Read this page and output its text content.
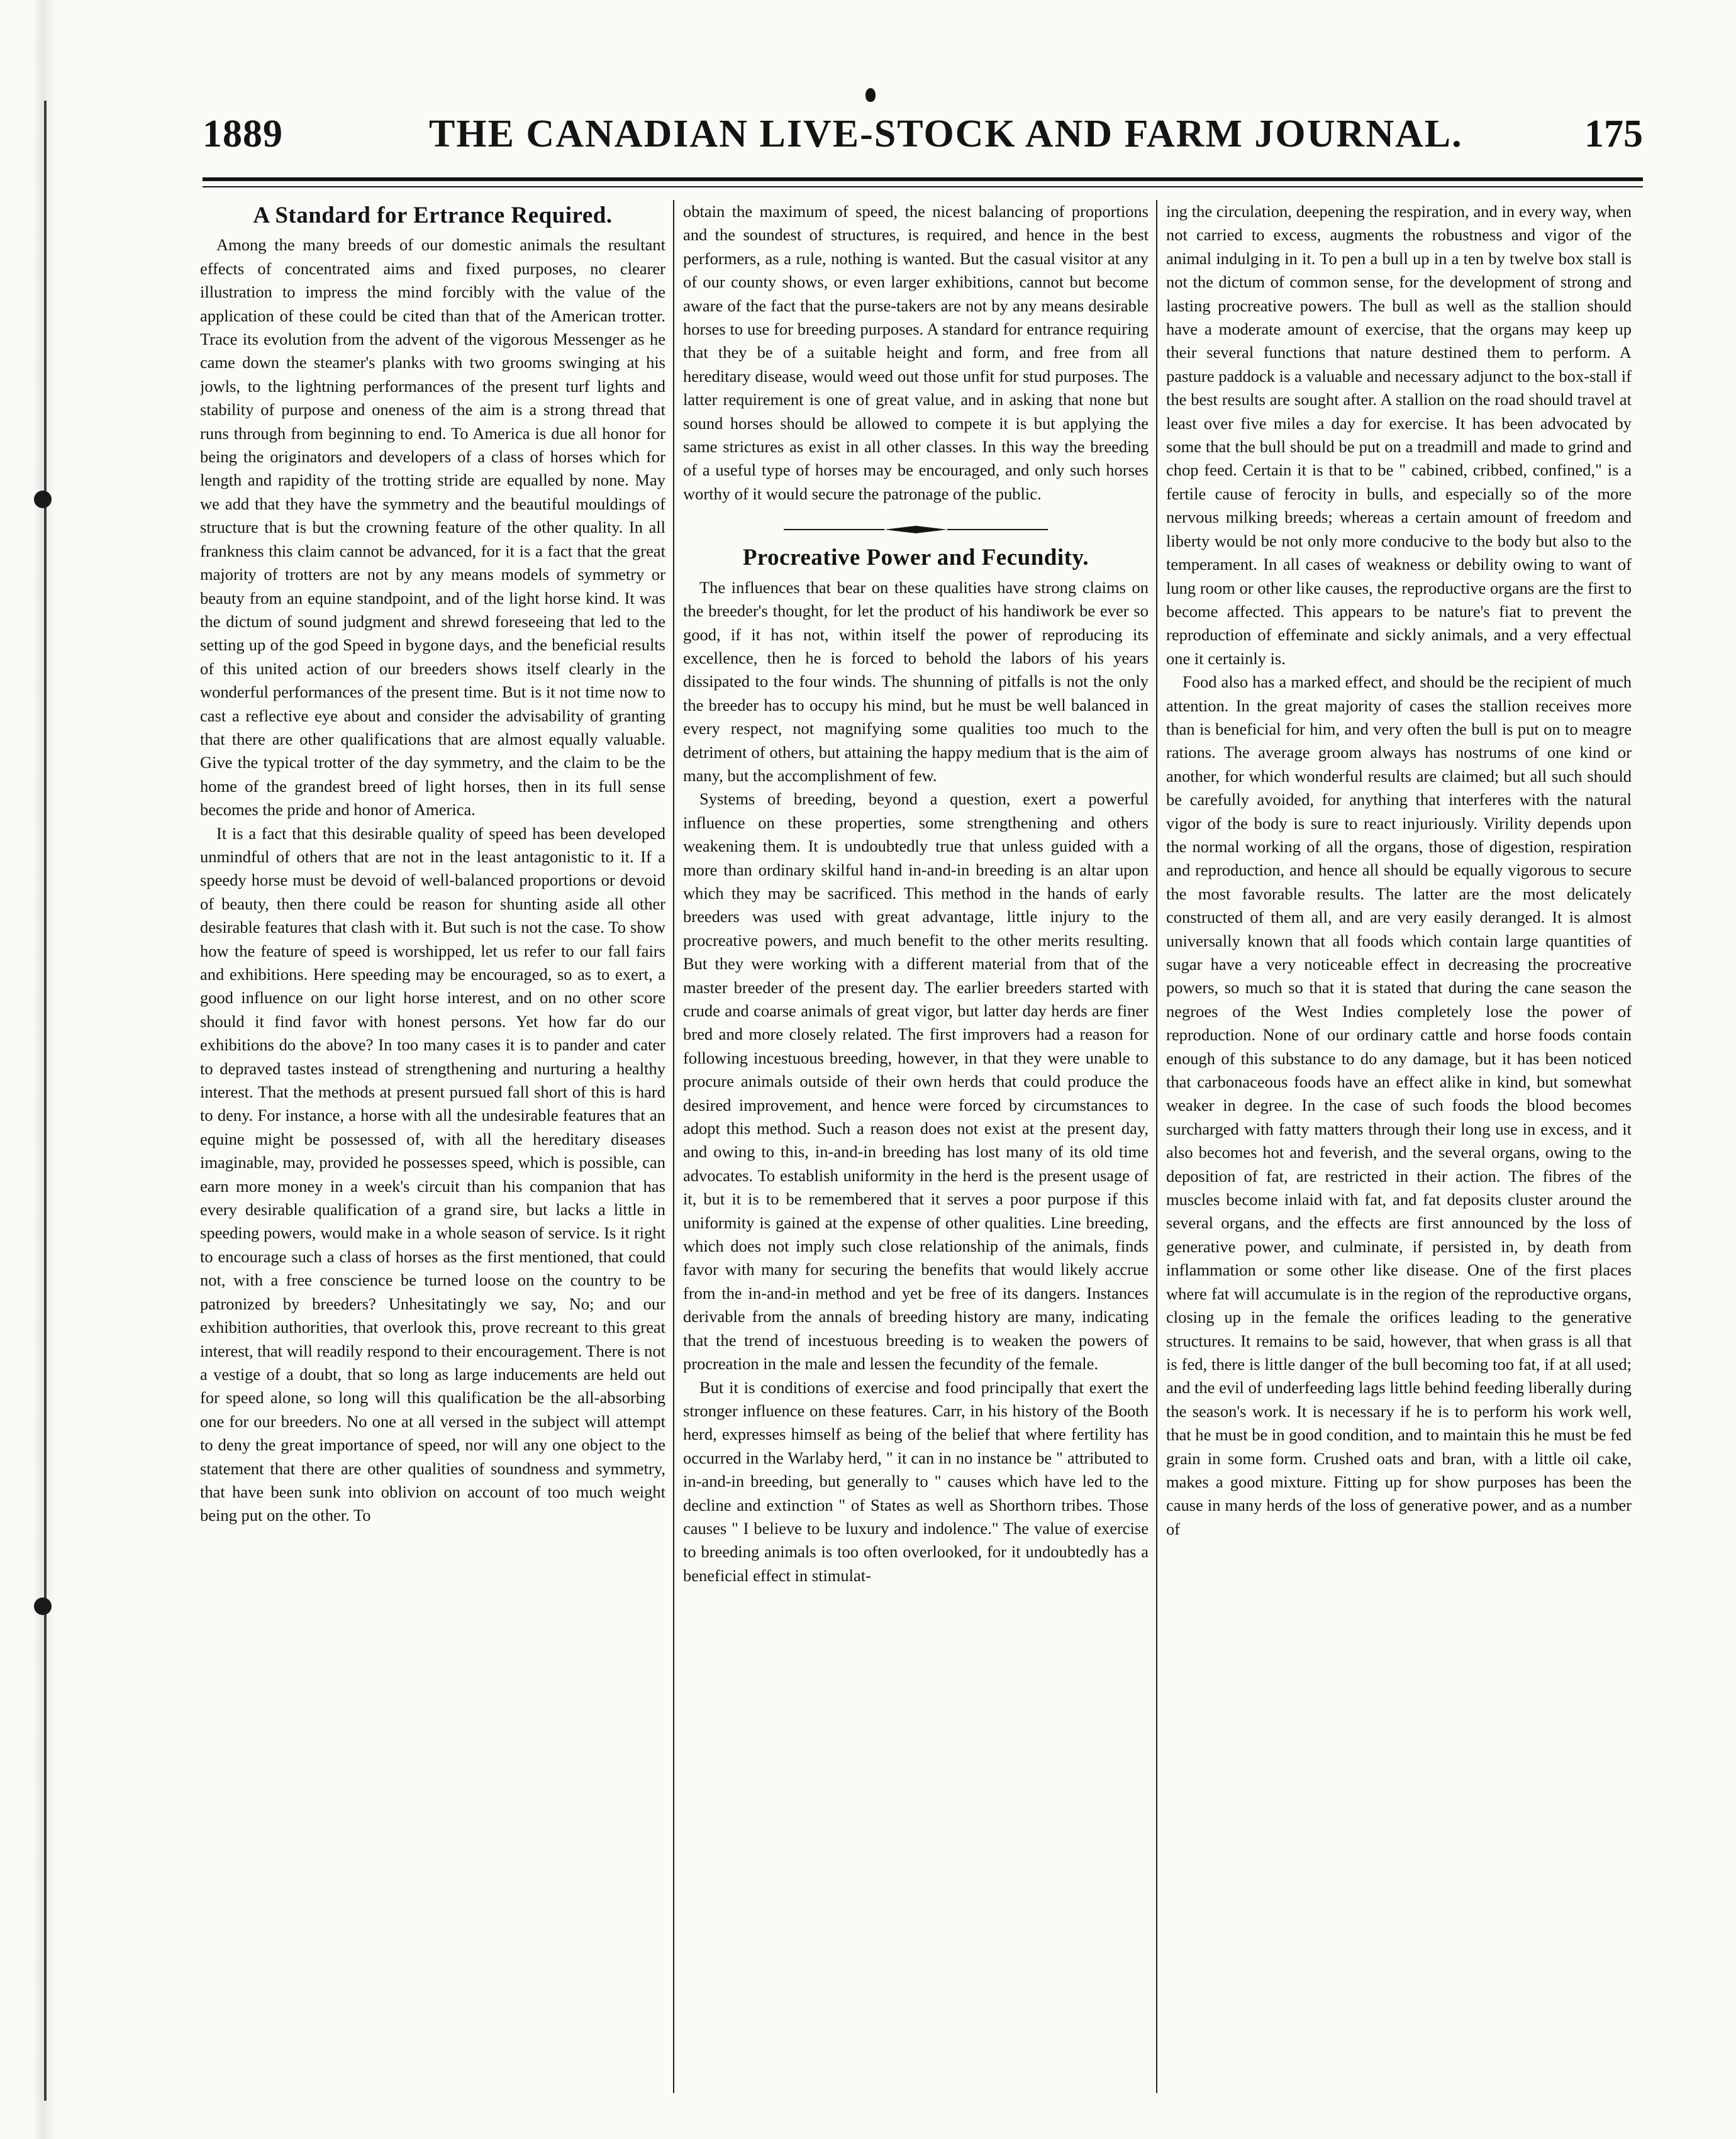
1889	THE CANADIAN LIVE-STOCK AND FARM JOURNAL.	175
A Standard for Ertrance Required.

Among the many breeds of our domestic animals the resultant effects of concentrated aims and fixed purposes, no clearer illustration to impress the mind forcibly with the value of the application of these could be cited than that of the American trotter. Trace its evolution from the advent of the vigorous Messenger as he came down the steamer's planks with two grooms swinging at his jowls, to the lightning performances of the present turf lights and stability of purpose and oneness of the aim is a strong thread that runs through from beginning to end. To America is due all honor for being the originators and developers of a class of horses which for length and rapidity of the trotting stride are equalled by none. May we add that they have the symmetry and the beautiful mouldings of structure that is but the crowning feature of the other quality. In all frankness this claim cannot be advanced, for it is a fact that the great majority of trotters are not by any means models of symmetry or beauty from an equine standpoint, and of the light horse kind. It was the dictum of sound judgment and shrewd foreseeing that led to the setting up of the god Speed in bygone days, and the beneficial results of this united action of our breeders shows itself clearly in the wonderful performances of the present time. But is it not time now to cast a reflective eye about and consider the advisability of granting that there are other qualifications that are almost equally valuable. Give the typical trotter of the day symmetry, and the claim to be the home of the grandest breed of light horses, then in its full sense becomes the pride and honor of America.

It is a fact that this desirable quality of speed has been developed unmindful of others that are not in the least antagonistic to it. If a speedy horse must be devoid of well-balanced proportions or devoid of beauty, then there could be reason for shunting aside all other desirable features that clash with it. But such is not the case. To show how the feature of speed is worshipped, let us refer to our fall fairs and exhibitions. Here speeding may be encouraged, so as to exert, a good influence on our light horse interest, and on no other score should it find favor with honest persons. Yet how far do our exhibitions do the above? In too many cases it is to pander and cater to depraved tastes instead of strengthening and nurturing a healthy interest. That the methods at present pursued fall short of this is hard to deny. For instance, a horse with all the undesirable features that an equine might be possessed of, with all the hereditary diseases imaginable, may, provided he possesses speed, which is possible, can earn more money in a week's circuit than his companion that has every desirable qualification of a grand sire, but lacks a little in speeding powers, would make in a whole season of service. Is it right to encourage such a class of horses as the first mentioned, that could not, with a free conscience be turned loose on the country to be patronized by breeders? Unhesitatingly we say, No; and our exhibition authorities, that overlook this, prove recreant to this great interest, that will readily respond to their encouragement. There is not a vestige of a doubt, that so long as large inducements are held out for speed alone, so long will this qualification be the all-absorbing one for our breeders. No one at all versed in the subject will attempt to deny the great importance of speed, nor will any one object to the statement that there are other qualities of soundness and symmetry, that have been sunk into oblivion on account of too much weight being put on the other. To

obtain the maximum of speed, the nicest balancing of proportions and the soundest of structures, is required, and hence in the best performers, as a rule, nothing is wanted. But the casual visitor at any of our county shows, or even larger exhibitions, cannot but become aware of the fact that the purse-takers are not by any means desirable horses to use for breeding purposes. A standard for entrance requiring that they be of a suitable height and form, and free from all hereditary disease, would weed out those unfit for stud purposes. The latter requirement is one of great value, and in asking that none but sound horses should be allowed to compete it is but applying the same strictures as exist in all other classes. In this way the breeding of a useful type of horses may be encouraged, and only such horses worthy of it would secure the patronage of the public.

Procreative Power and Fecundity.

The influences that bear on these qualities have strong claims on the breeder's thought, for let the product of his handiwork be ever so good, if it has not, within itself the power of reproducing its excellence, then he is forced to behold the labors of his years dissipated to the four winds. The shunning of pitfalls is not the only the breeder has to occupy his mind, but he must be well balanced in every respect, not magnifying some qualities too much to the detriment of others, but attaining the happy medium that is the aim of many, but the accomplishment of few.

Systems of breeding, beyond a question, exert a powerful influence on these properties, some strengthening and others weakening them. It is undoubtedly true that unless guided with a more than ordinary skilful hand in-and-in breeding is an altar upon which they may be sacrificed. This method in the hands of early breeders was used with great advantage, little injury to the procreative powers, and much benefit to the other merits resulting. But they were working with a different material from that of the master breeder of the present day. The earlier breeders started with crude and coarse animals of great vigor, but latter day herds are finer bred and more closely related. The first improvers had a reason for following incestuous breeding, however, in that they were unable to procure animals outside of their own herds that could produce the desired improvement, and hence were forced by circumstances to adopt this method. Such a reason does not exist at the present day, and owing to this, in-and-in breeding has lost many of its old time advocates. To establish uniformity in the herd is the present usage of it, but it is to be remembered that it serves a poor purpose if this uniformity is gained at the expense of other qualities. Line breeding, which does not imply such close relationship of the animals, finds favor with many for securing the benefits that would likely accrue from the in-and-in method and yet be free of its dangers. Instances derivable from the annals of breeding history are many, indicating that the trend of incestuous breeding is to weaken the powers of procreation in the male and lessen the fecundity of the female.

But it is conditions of exercise and food principally that exert the stronger influence on these features. Carr, in his history of the Booth herd, expresses himself as being of the belief that where fertility has occurred in the Warlaby herd, " it can in no instance be " attributed to in-and-in breeding, but generally to " causes which have led to the decline and extinction " of States as well as Shorthorn tribes. Those causes " I believe to be luxury and indolence." The value of exercise to breeding animals is too often overlooked, for it undoubtedly has a beneficial effect in stimulat-

ing the circulation, deepening the respiration, and in every way, when not carried to excess, augments the robustness and vigor of the animal indulging in it. To pen a bull up in a ten by twelve box stall is not the dictum of common sense, for the development of strong and lasting procreative powers. The bull as well as the stallion should have a moderate amount of exercise, that the organs may keep up their several functions that nature destined them to perform. A pasture paddock is a valuable and necessary adjunct to the box-stall if the best results are sought after. A stallion on the road should travel at least over five miles a day for exercise. It has been advocated by some that the bull should be put on a treadmill and made to grind and chop feed. Certain it is that to be " cabined, cribbed, confined," is a fertile cause of ferocity in bulls, and especially so of the more nervous milking breeds; whereas a certain amount of freedom and liberty would be not only more conducive to the body but also to the temperament. In all cases of weakness or debility owing to want of lung room or other like causes, the reproductive organs are the first to become affected. This appears to be nature's fiat to prevent the reproduction of effeminate and sickly animals, and a very effectual one it certainly is.

Food also has a marked effect, and should be the recipient of much attention. In the great majority of cases the stallion receives more than is beneficial for him, and very often the bull is put on to meagre rations. The average groom always has nostrums of one kind or another, for which wonderful results are claimed; but all such should be carefully avoided, for anything that interferes with the natural vigor of the body is sure to react injuriously. Virility depends upon the normal working of all the organs, those of digestion, respiration and reproduction, and hence all should be equally vigorous to secure the most favorable results. The latter are the most delicately constructed of them all, and are very easily deranged. It is almost universally known that all foods which contain large quantities of sugar have a very noticeable effect in decreasing the procreative powers, so much so that it is stated that during the cane season the negroes of the West Indies completely lose the power of reproduction. None of our ordinary cattle and horse foods contain enough of this substance to do any damage, but it has been noticed that carbonaceous foods have an effect alike in kind, but somewhat weaker in degree. In the case of such foods the blood becomes surcharged with fatty matters through their long use in excess, and it also becomes hot and feverish, and the several organs, owing to the deposition of fat, are restricted in their action. The fibres of the muscles become inlaid with fat, and fat deposits cluster around the several organs, and the effects are first announced by the loss of generative power, and culminate, if persisted in, by death from inflammation or some other like disease. One of the first places where fat will accumulate is in the region of the reproductive organs, closing up in the female the orifices leading to the generative structures. It remains to be said, however, that when grass is all that is fed, there is little danger of the bull becoming too fat, if at all used; and the evil of underfeeding lags little behind feeding liberally during the season's work. It is necessary if he is to perform his work well, that he must be in good condition, and to maintain this he must be fed grain in some form. Crushed oats and bran, with a little oil cake, makes a good mixture. Fitting up for show purposes has been the cause in many herds of the loss of generative power, and as a number of
